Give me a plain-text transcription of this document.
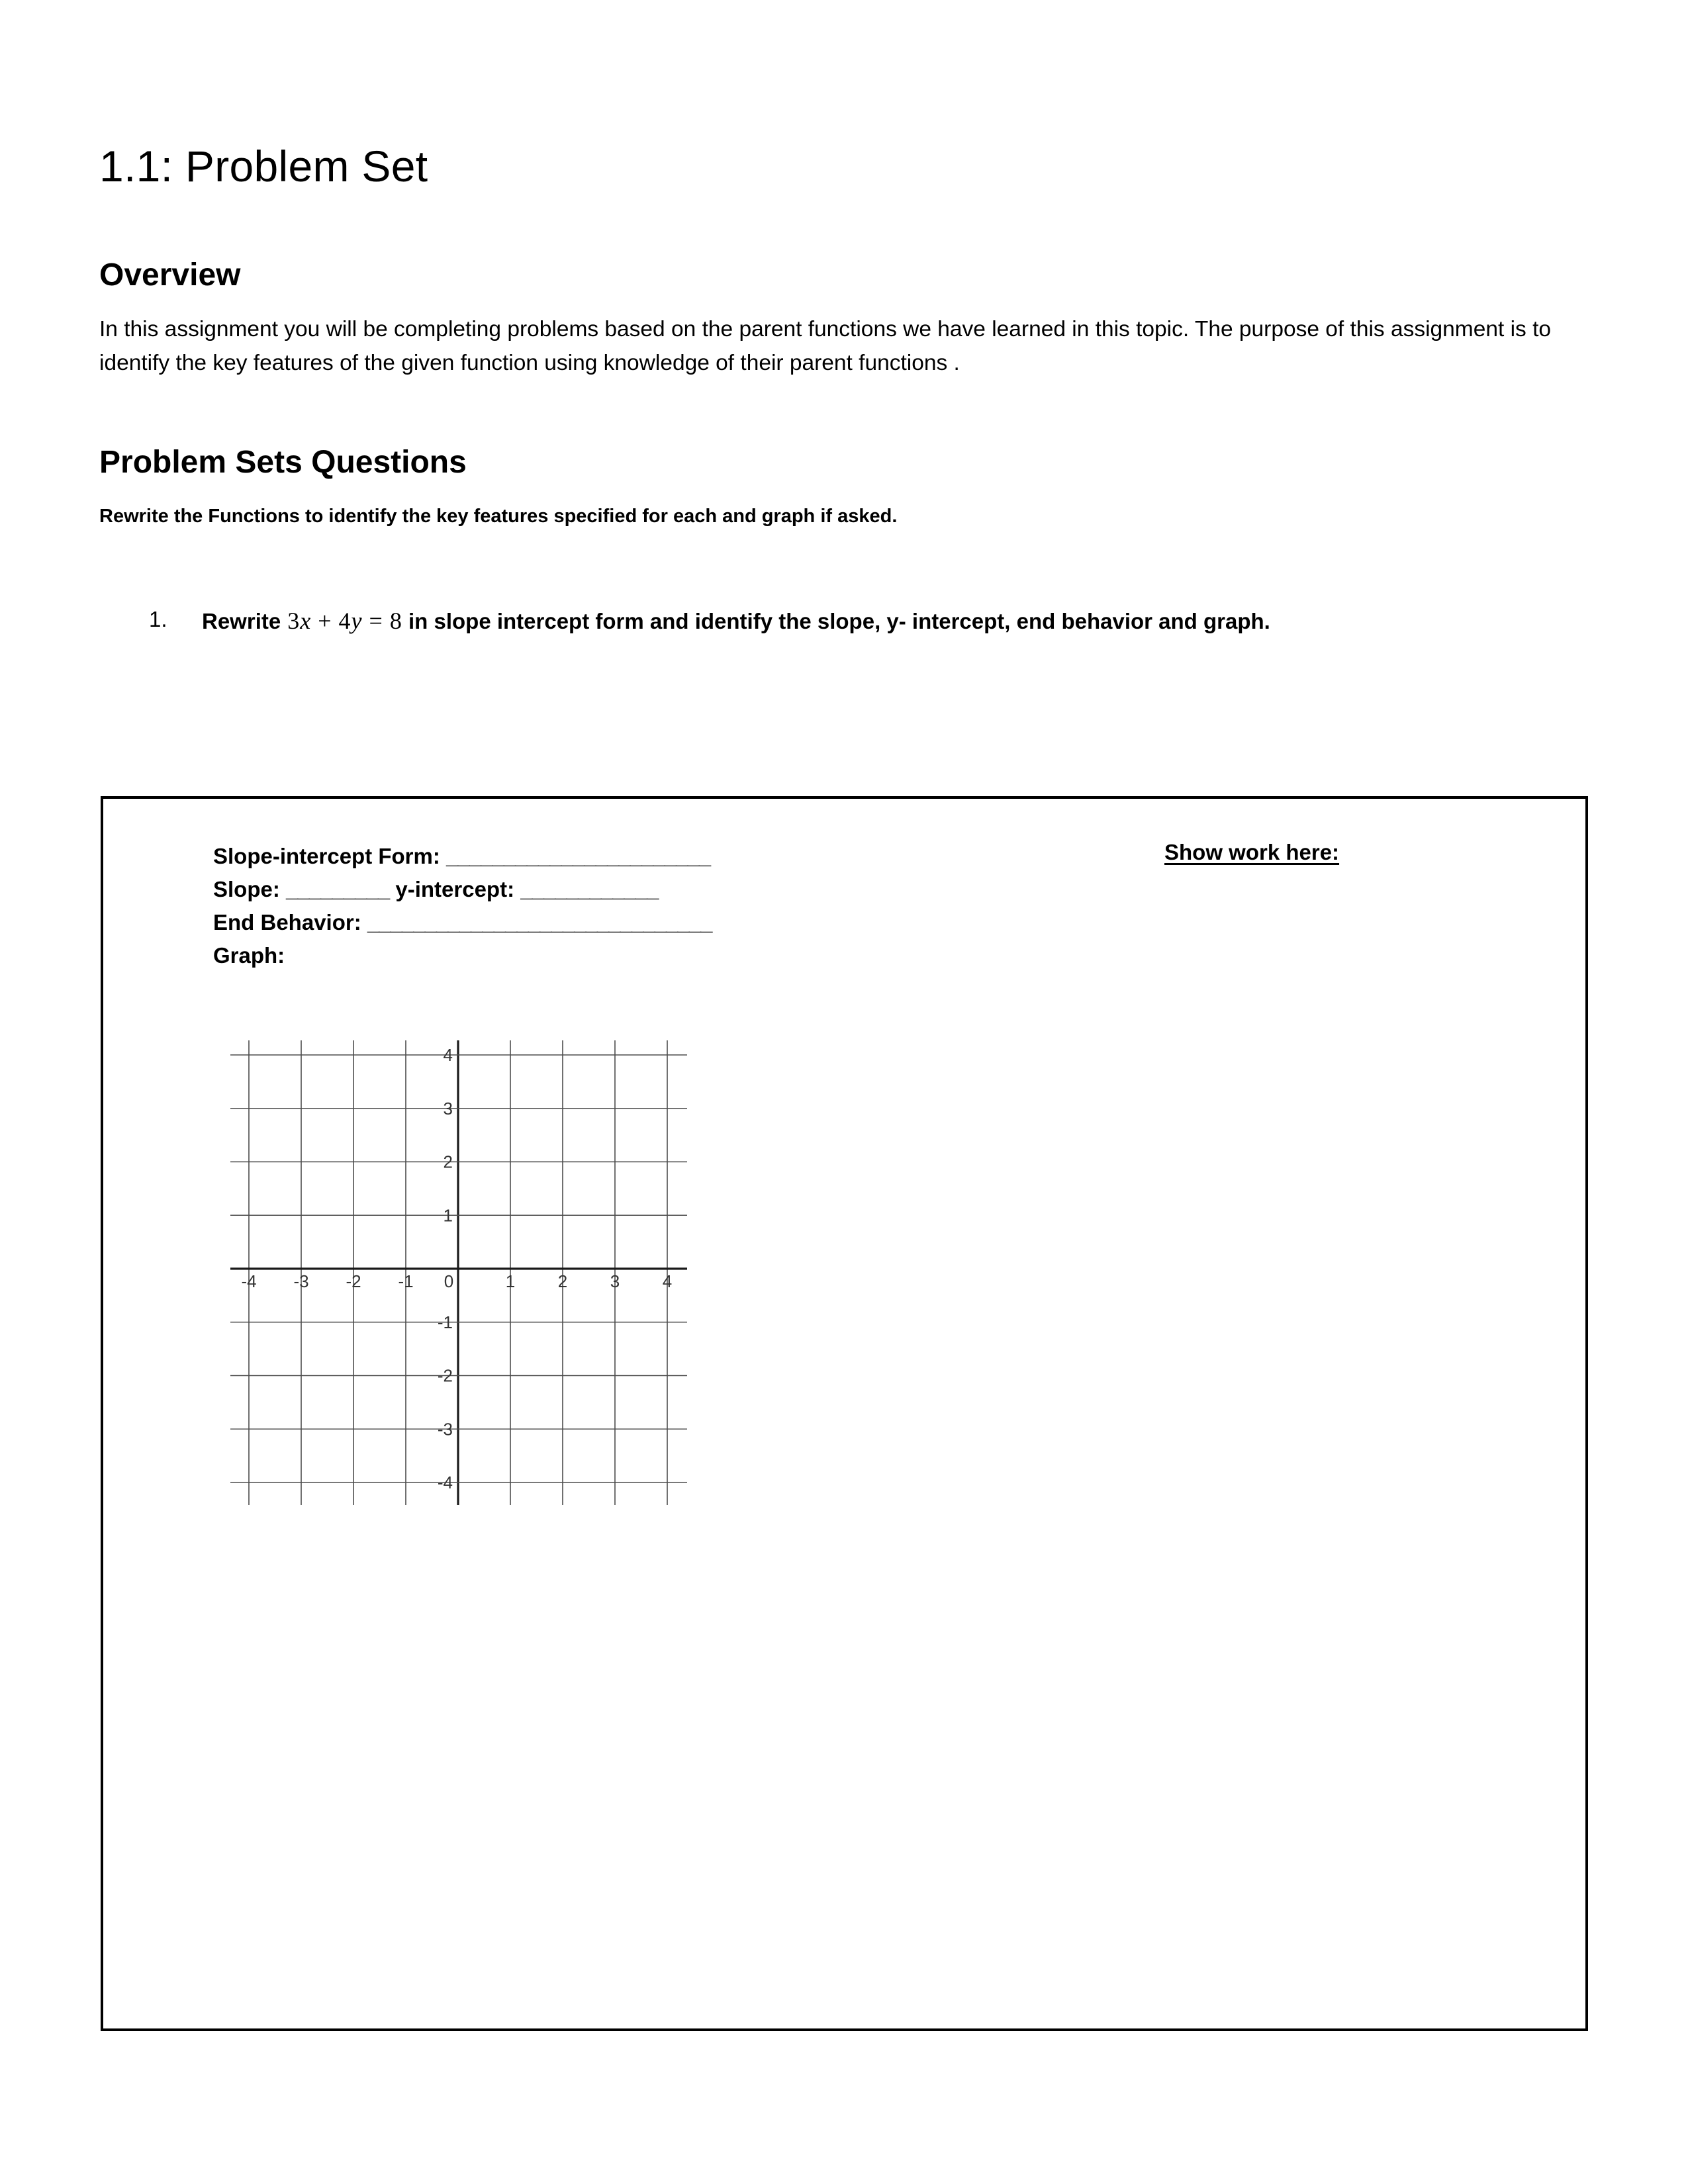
1.1: Problem Set
Overview

In this assignment you will be completing problems based on the parent functions we have learned in this topic. The purpose of this assignment is to identify the key features of the given function using knowledge of their parent functions .

Problem Sets Questions

Rewrite the Functions to identify the key features specified for each and graph if asked.

1. Rewrite 3x + 4y = 8 in slope intercept form and identify the slope, y- intercept, end behavior and graph.
Slope-intercept Form: _______________________
Slope: _________ y-intercept: ____________
End Behavior: ______________________________
Graph:
Show work here:
-4 -3 -2 -1 0	1 2 3 4
4
3
2
1
-1
-2
-3
-4
